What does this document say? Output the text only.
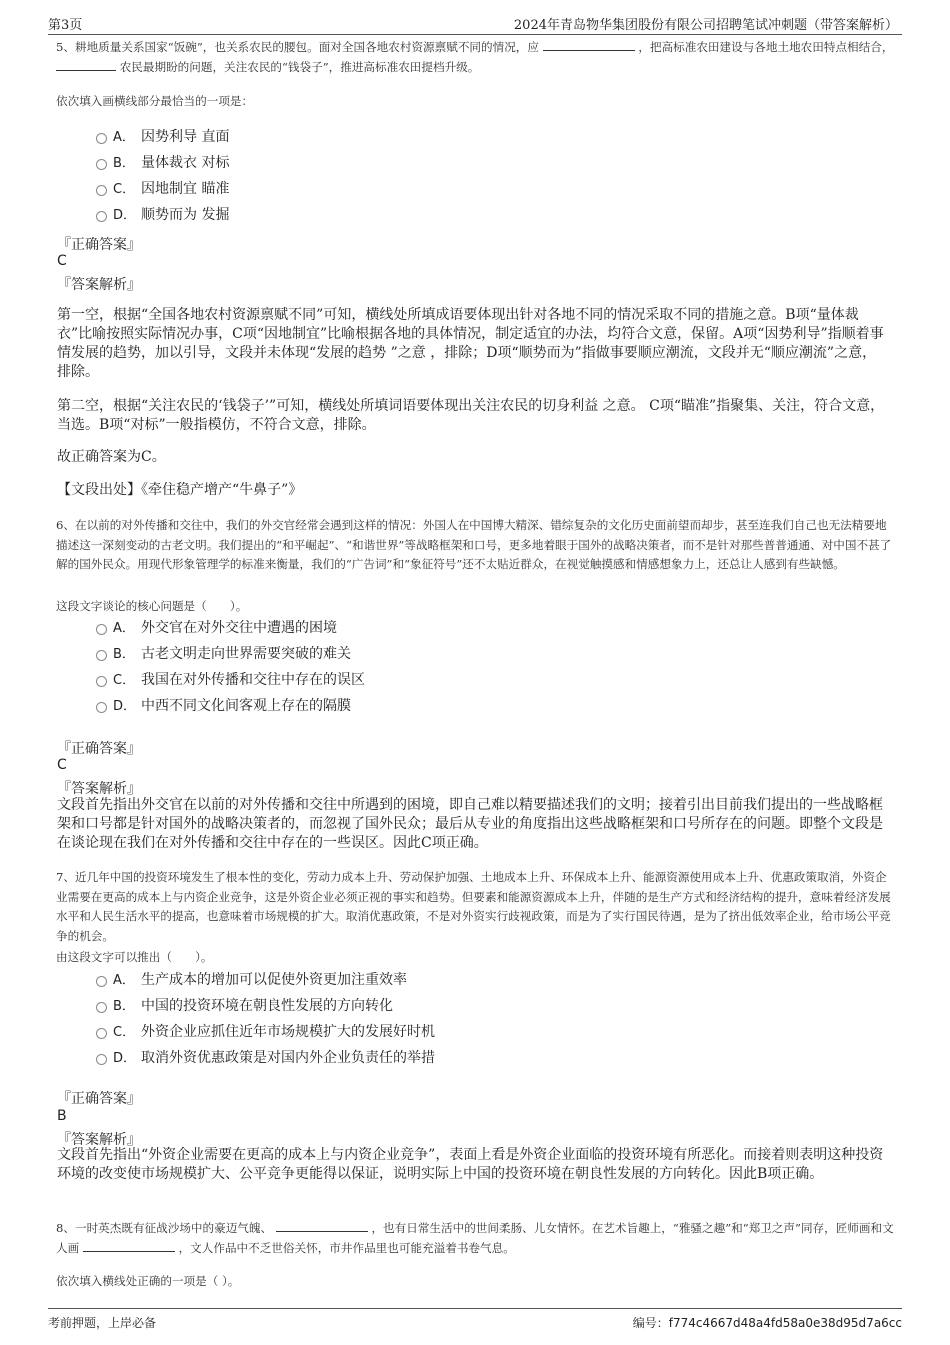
第3页	2024年青岛物华集团股份有限公司招聘笔试冲刺题（带答案解析）
5、耕地质量关系国家“饭碗”，也关系农民的腰包。面对全国各地农村资源禀赋不同的情况，应	，把高标准农田建设与各地土地农田特点相结合，  农民最期盼的问题，关注农民的“钱袋子”，推进高标准农田提档升级。
依次填入画横线部分最恰当的一项是：
A． 因势利导 直面
B． 量体裁衣 对标
C． 因地制宜 瞄准
D． 顺势而为 发掘
『正确答案』
C
『答案解析』
第一空，根据“全国各地农村资源禀赋不同”可知，横线处所填成语要体现出针对各地不同的情况采取不同的措施之意。B项“量体裁衣”比喻按照实际情况办事，C项“因地制宜”比喻根据各地的具体情况，制定适宜的办法，均符合文意，保留。A项“因势利导”指顺着事情发展的趋势，加以引导，文段并未体现“发展的趋势 ”之意 ，排除；D项“顺势而为”指做事要顺应潮流，文段并无“顺应潮流”之意，排除。
第二空，根据“关注农民的‘钱袋子’”可知，横线处所填词语要体现出关注农民的切身利益 之意。 C项“瞄准”指聚集、关注，符合文意，当选。B项“对标”一般指模仿，不符合文意，排除。
故正确答案为C。
【文段出处】《牵住稳产增产“牛鼻子”》
6、在以前的对外传播和交往中，我们的外交官经常会遇到这样的情况：外国人在中国博大精深、错综复杂的文化历史面前望而却步，甚至连我们自己也无法精要地描述这一深刻变动的古老文明。我们提出的“和平崛起”、“和谐世界”等战略框架和口号，更多地着眼于国外的战略决策者，而不是针对那些普普通通、对中国不甚了解的国外民众。用现代形象管理学的标准来衡量，我们的“广告词”和“象征符号”还不太贴近群众，在视觉触摸感和情感想象力上，还总让人感到有些缺憾。
这段文字谈论的核心问题是（　　）。
A． 外交官在对外交往中遭遇的困境
B． 古老文明走向世界需要突破的难关
C． 我国在对外传播和交往中存在的误区
D． 中西不同文化间客观上存在的隔膜
『正确答案』
C
『答案解析』
文段首先指出外交官在以前的对外传播和交往中所遇到的困境，即自己难以精要描述我们的文明；接着引出目前我们提出的一些战略框架和口号都是针对国外的战略决策者的，而忽视了国外民众；最后从专业的角度指出这些战略框架和口号所存在的问题。即整个文段是在谈论现在我们在对外传播和交往中存在的一些误区。因此C项正确。
7、近几年中国的投资环境发生了根本性的变化，劳动力成本上升、劳动保护加强、土地成本上升、环保成本上升、能源资源使用成本上升、优惠政策取消，外资企业需要在更高的成本上与内资企业竞争，这是外资企业必须正视的事实和趋势。但要素和能源资源成本上升，伴随的是生产方式和经济结构的提升，意味着经济发展水平和人民生活水平的提高，也意味着市场规模的扩大。取消优惠政策，不是对外资实行歧视政策，而是为了实行国民待遇，是为了挤出低效率企业，给市场公平竞争的机会。
由这段文字可以推出（　　）。
A． 生产成本的增加可以促使外资更加注重效率
B． 中国的投资环境在朝良性发展的方向转化
C． 外资企业应抓住近年市场规模扩大的发展好时机
D． 取消外资优惠政策是对国内外企业负责任的举措
『正确答案』
B
『答案解析』
文段首先指出“外资企业需要在更高的成本上与内资企业竞争”，表面上看是外资企业面临的投资环境有所恶化。而接着则表明这种投资环境的改变使市场规模扩大、公平竞争更能得以保证，说明实际上中国的投资环境在朝良性发展的方向转化。因此B项正确。
8、一时英杰既有征战沙场中的豪迈气魄、	，也有日常生活中的世间柔肠、儿女情怀。在艺术旨趣上，“雅骚之趣”和“郑卫之声”同存，匠师画和文人画	，文人作品中不乏世俗关怀，市井作品里也可能充溢着书卷气息。
依次填入横线处正确的一项是（ ）。
考前押题，上岸必备	编号：f774c4667d48a4fd58a0e38d95d7a6cc
